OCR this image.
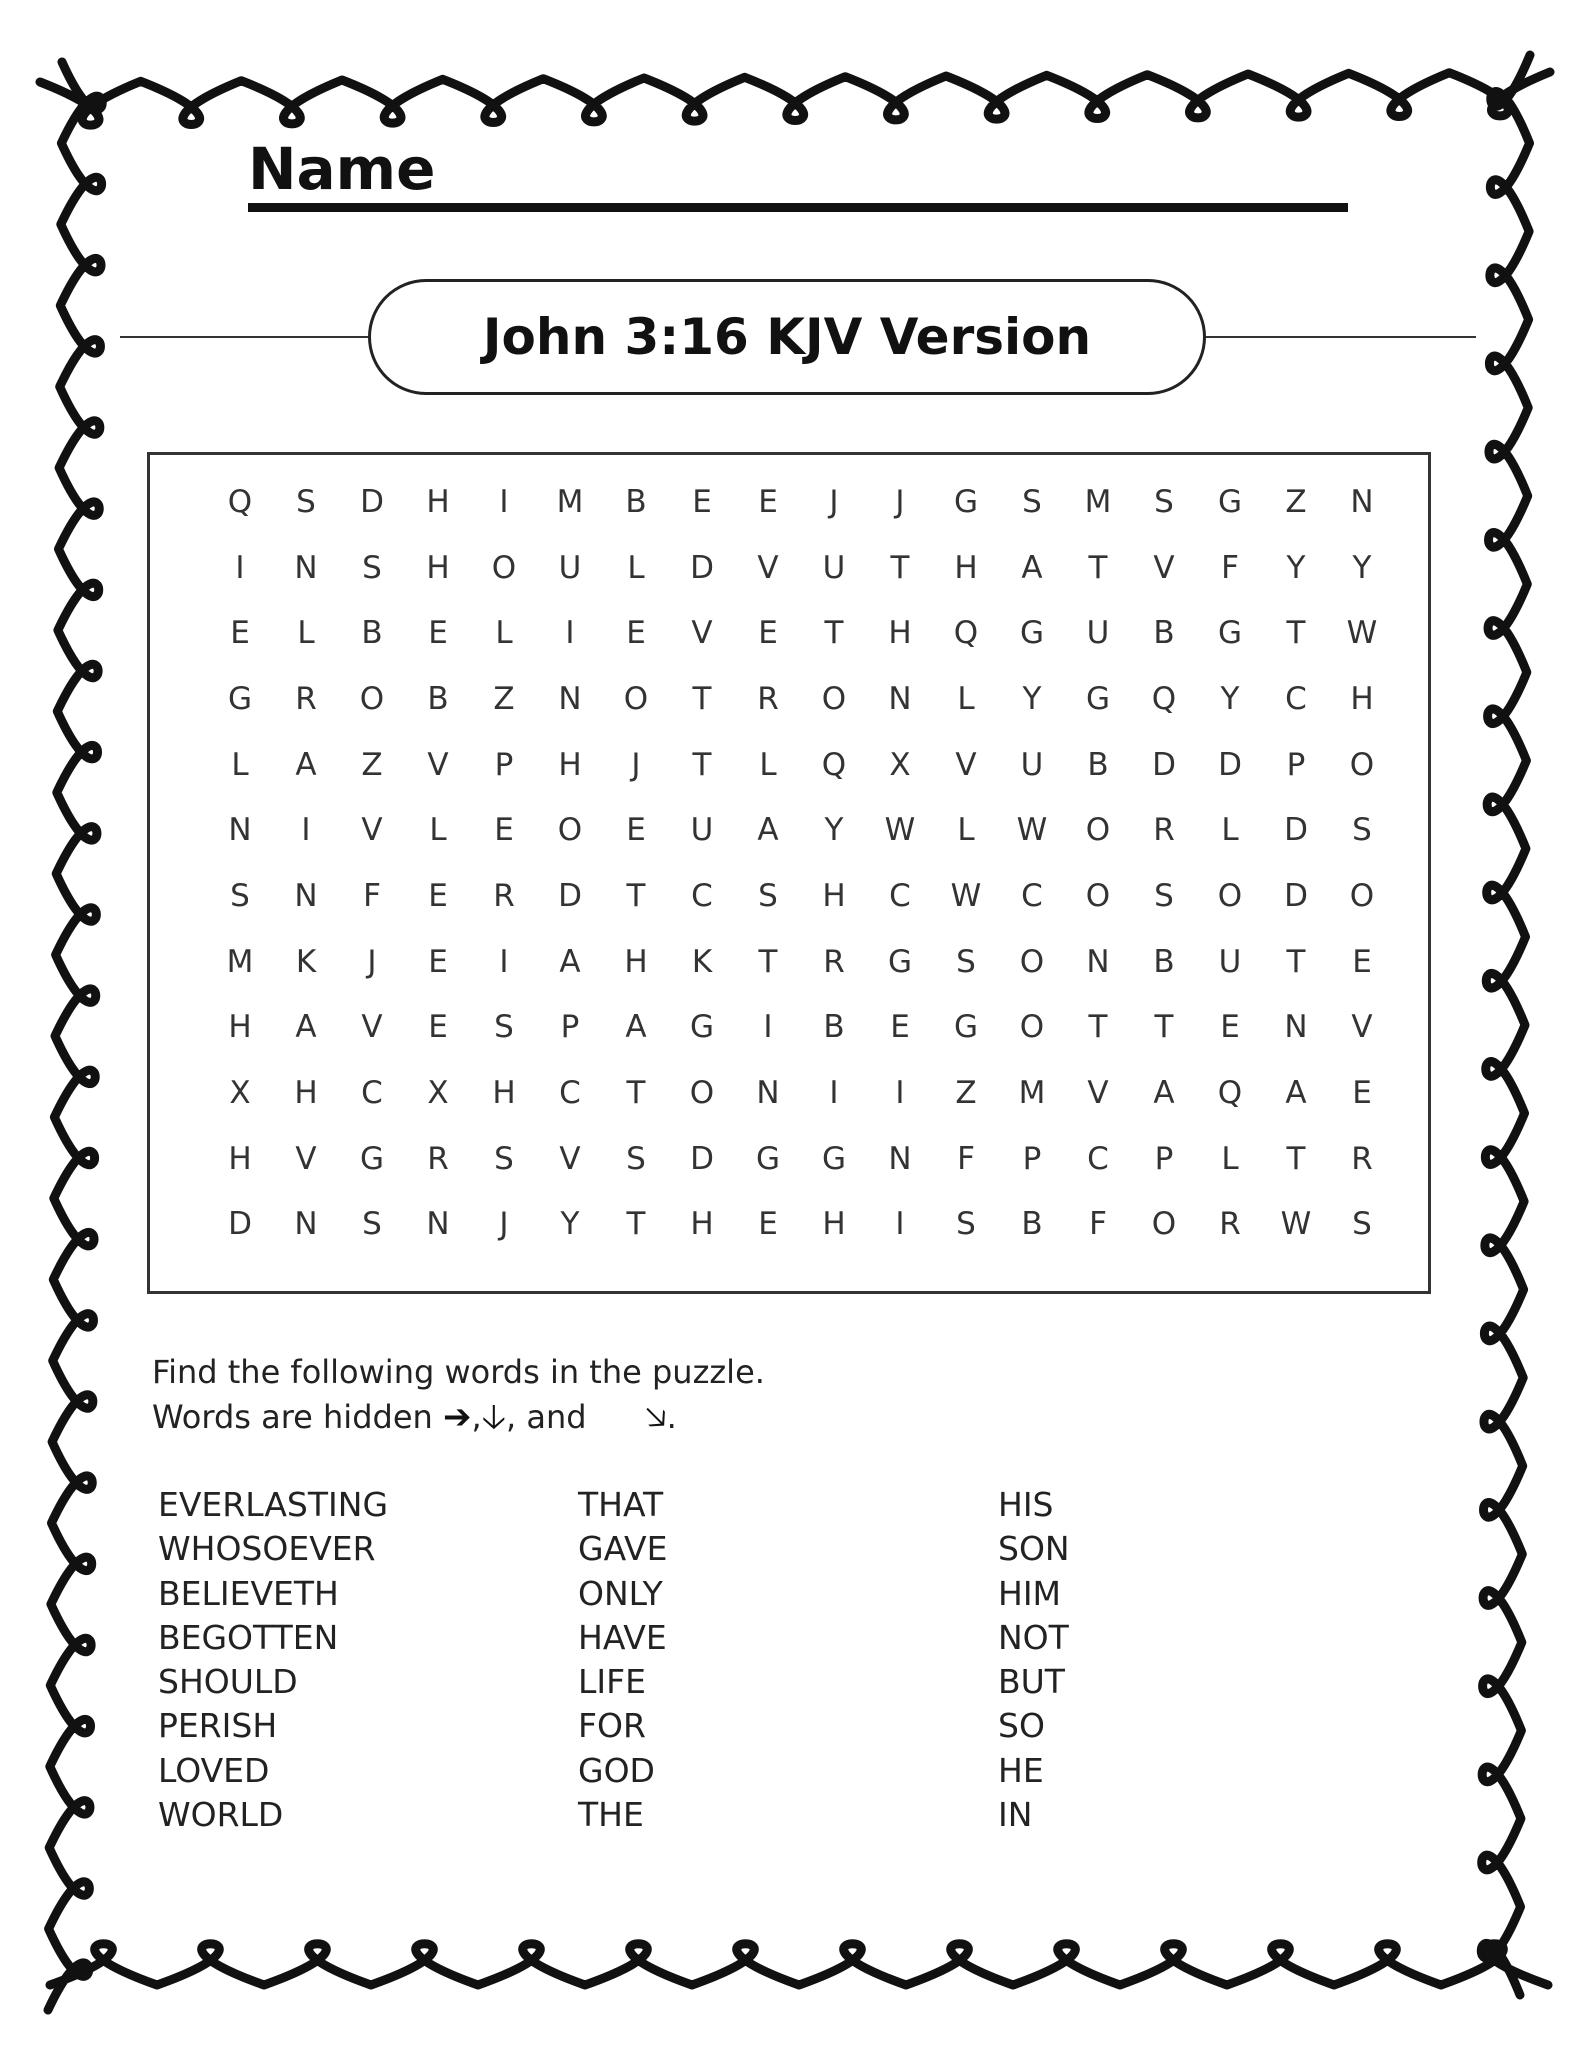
Name
John 3:16 KJV Version
Q	S	D	H	I	M	B	E	E	J	J	G	S	M	S	G	Z	N
I	N	S	H	O	U	L	D	V	U	T	H	A	T	V	F	Y	Y
E	L	B	E	L	I	E	V	E	T	H	Q	G	U	B	G	T	W
G	R	O	B	Z	N	O	T	R	O	N	L	Y	G	Q	Y	C	H
L	A	Z	V	P	H	J	T	L	Q	X	V	U	B	D	D	P	O
N	I	V	L	E	O	E	U	A	Y	W	L	W	O	R	L	D	S
S	N	F	E	R	D	T	C	S	H	C	W	C	O	S	O	D	O
M	K	J	E	I	A	H	K	T	R	G	S	O	N	B	U	T	E
H	A	V	E	S	P	A	G	I	B	E	G	O	T	T	E	N	V
X	H	C	X	H	C	T	O	N	I	I	Z	M	V	A	Q	A	E
H	V	G	R	S	V	S	D	G	G	N	F	P	C	P	L	T	R
D	N	S	N	J	Y	T	H	E	H	I	S	B	F	O	R	W	S
Find the following words in the puzzle.
Words are hidden ➔,🡣, and 🡦.
EVERLASTING
WHOSOEVER
BELIEVETH
BEGOTTEN
SHOULD
PERISH
LOVED
WORLD
THAT
GAVE
ONLY
HAVE
LIFE
FOR
GOD
THE
HIS
SON
HIM
NOT
BUT
SO
HE
IN
